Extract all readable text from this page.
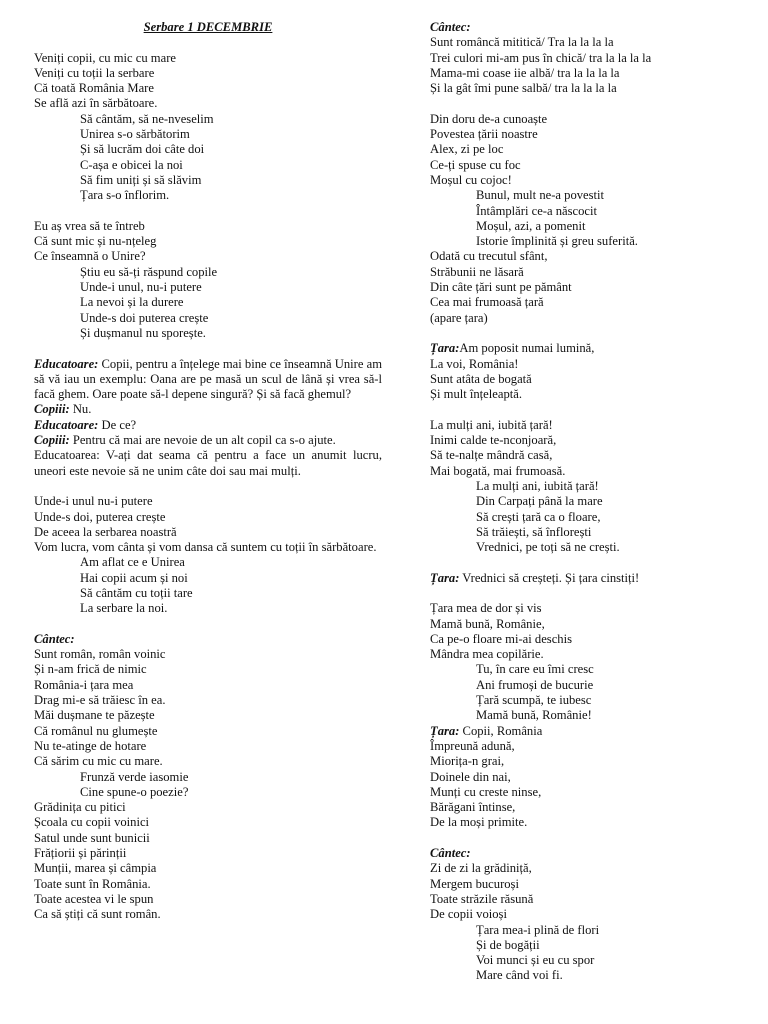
Serbare 1 DECEMBRIE
Veniți copii, cu mic cu mare
Veniți cu toții la serbare
Că toată România Mare
Se află azi în sărbătoare.
Să cântăm, să ne-nveselim
Unirea s-o sărbătorim
Și să lucrăm doi câte doi
C-așa e obicei la noi
Să fim uniți și să slăvim
Țara s-o înflorim.
Eu aș vrea să te întreb
Că sunt mic și nu-nțeleg
Ce înseamnă o Unire?
Știu eu să-ți răspund copile
Unde-i unul, nu-i putere
La nevoi și la durere
Unde-s doi puterea crește
Și dușmanul nu sporește.
Educatoare: Copii, pentru a înțelege mai bine ce înseamnă Unire am să vă iau un exemplu: Oana are pe masă un scul de lână și vrea să-l facă ghem. Oare poate să-l depene singură? Și să facă ghemul?
Copiii: Nu.
Educatoare: De ce?
Copiii: Pentru că mai are nevoie de un alt copil ca s-o ajute.
Educatoarea: V-ați dat seama că pentru a face un anumit lucru, uneori este nevoie să ne unim câte doi sau mai mulți.
Unde-i unul nu-i putere
Unde-s doi, puterea crește
De aceea la serbarea noastră
Vom lucra, vom cânta și vom dansa că suntem cu toții în sărbătoare.
Am aflat ce e Unirea
Hai copii acum și noi
Să cântăm cu toții tare
La serbare la noi.
Cântec:
Sunt român, român voinic
Și n-am frică de nimic
România-i țara mea
Drag mi-e să trăiesc în ea.
Măi dușmane te păzește
Că românul nu glumește
Nu te-atinge de hotare
Că sărim cu mic cu mare.
Frunză verde iasomie
Cine spune-o poezie?
Grădinița cu pitici
Școala cu copii voinici
Satul unde sunt bunicii
Frățiorii și părinții
Munții, marea și câmpia
Toate sunt în România.
Toate acestea vi le spun
Ca să știți că sunt român.
Cântec:
Sunt româncă mititică/ Tra la la la la
Trei culori mi-am pus în chică/ tra la la la la
Mama-mi coase iie albă/ tra la la la la
Și la gât îmi pune salbă/ tra la la la la
Din doru de-a cunoaște
Povestea țării noastre
Alex, zi pe loc
Ce-ți spuse cu foc
Moșul cu cojoc!
Bunul, mult ne-a povestit
Întâmplări ce-a născocit
Moșul, azi, a pomenit
Istorie împlinită și greu suferită.
Odată cu trecutul sfânt,
Străbunii ne lăsară
Din câte țări sunt pe pământ
Cea mai frumoasă țară
(apare țara)
Țara:Am poposit numai lumină,
La voi, România!
Sunt atâta de bogată
Și mult înțeleaptă.
La mulți ani, iubită țară!
Inimi calde te-nconjoară,
Să te-nalțe mândră casă,
Mai bogată, mai frumoasă.
La mulți ani, iubită țară!
Din Carpați până la mare
Să crești țară ca o floare,
Să trăiești, să înflorești
Vrednici, pe toți să ne crești.
Țara: Vrednici să creșteți. Și țara cinstiți!
Țara mea de dor și vis
Mamă bună, Românie,
Ca pe-o floare mi-ai deschis
Mândra mea copilărie.
Tu, în care eu îmi cresc
Ani frumoși de bucurie
Țară scumpă, te iubesc
Mamă bună, Românie!
Țara: Copii, România
Împreună adună,
Miorița-n grai,
Doinele din nai,
Munți cu creste ninse,
Bărăgani întinse,
De la moși primite.
Cântec:
Zi de zi la grădiniță,
Mergem bucuroși
Toate străzile răsună
De copii voioși
Țara mea-i plină de flori
Și de bogății
Voi munci și eu cu spor
Mare când voi fi.
